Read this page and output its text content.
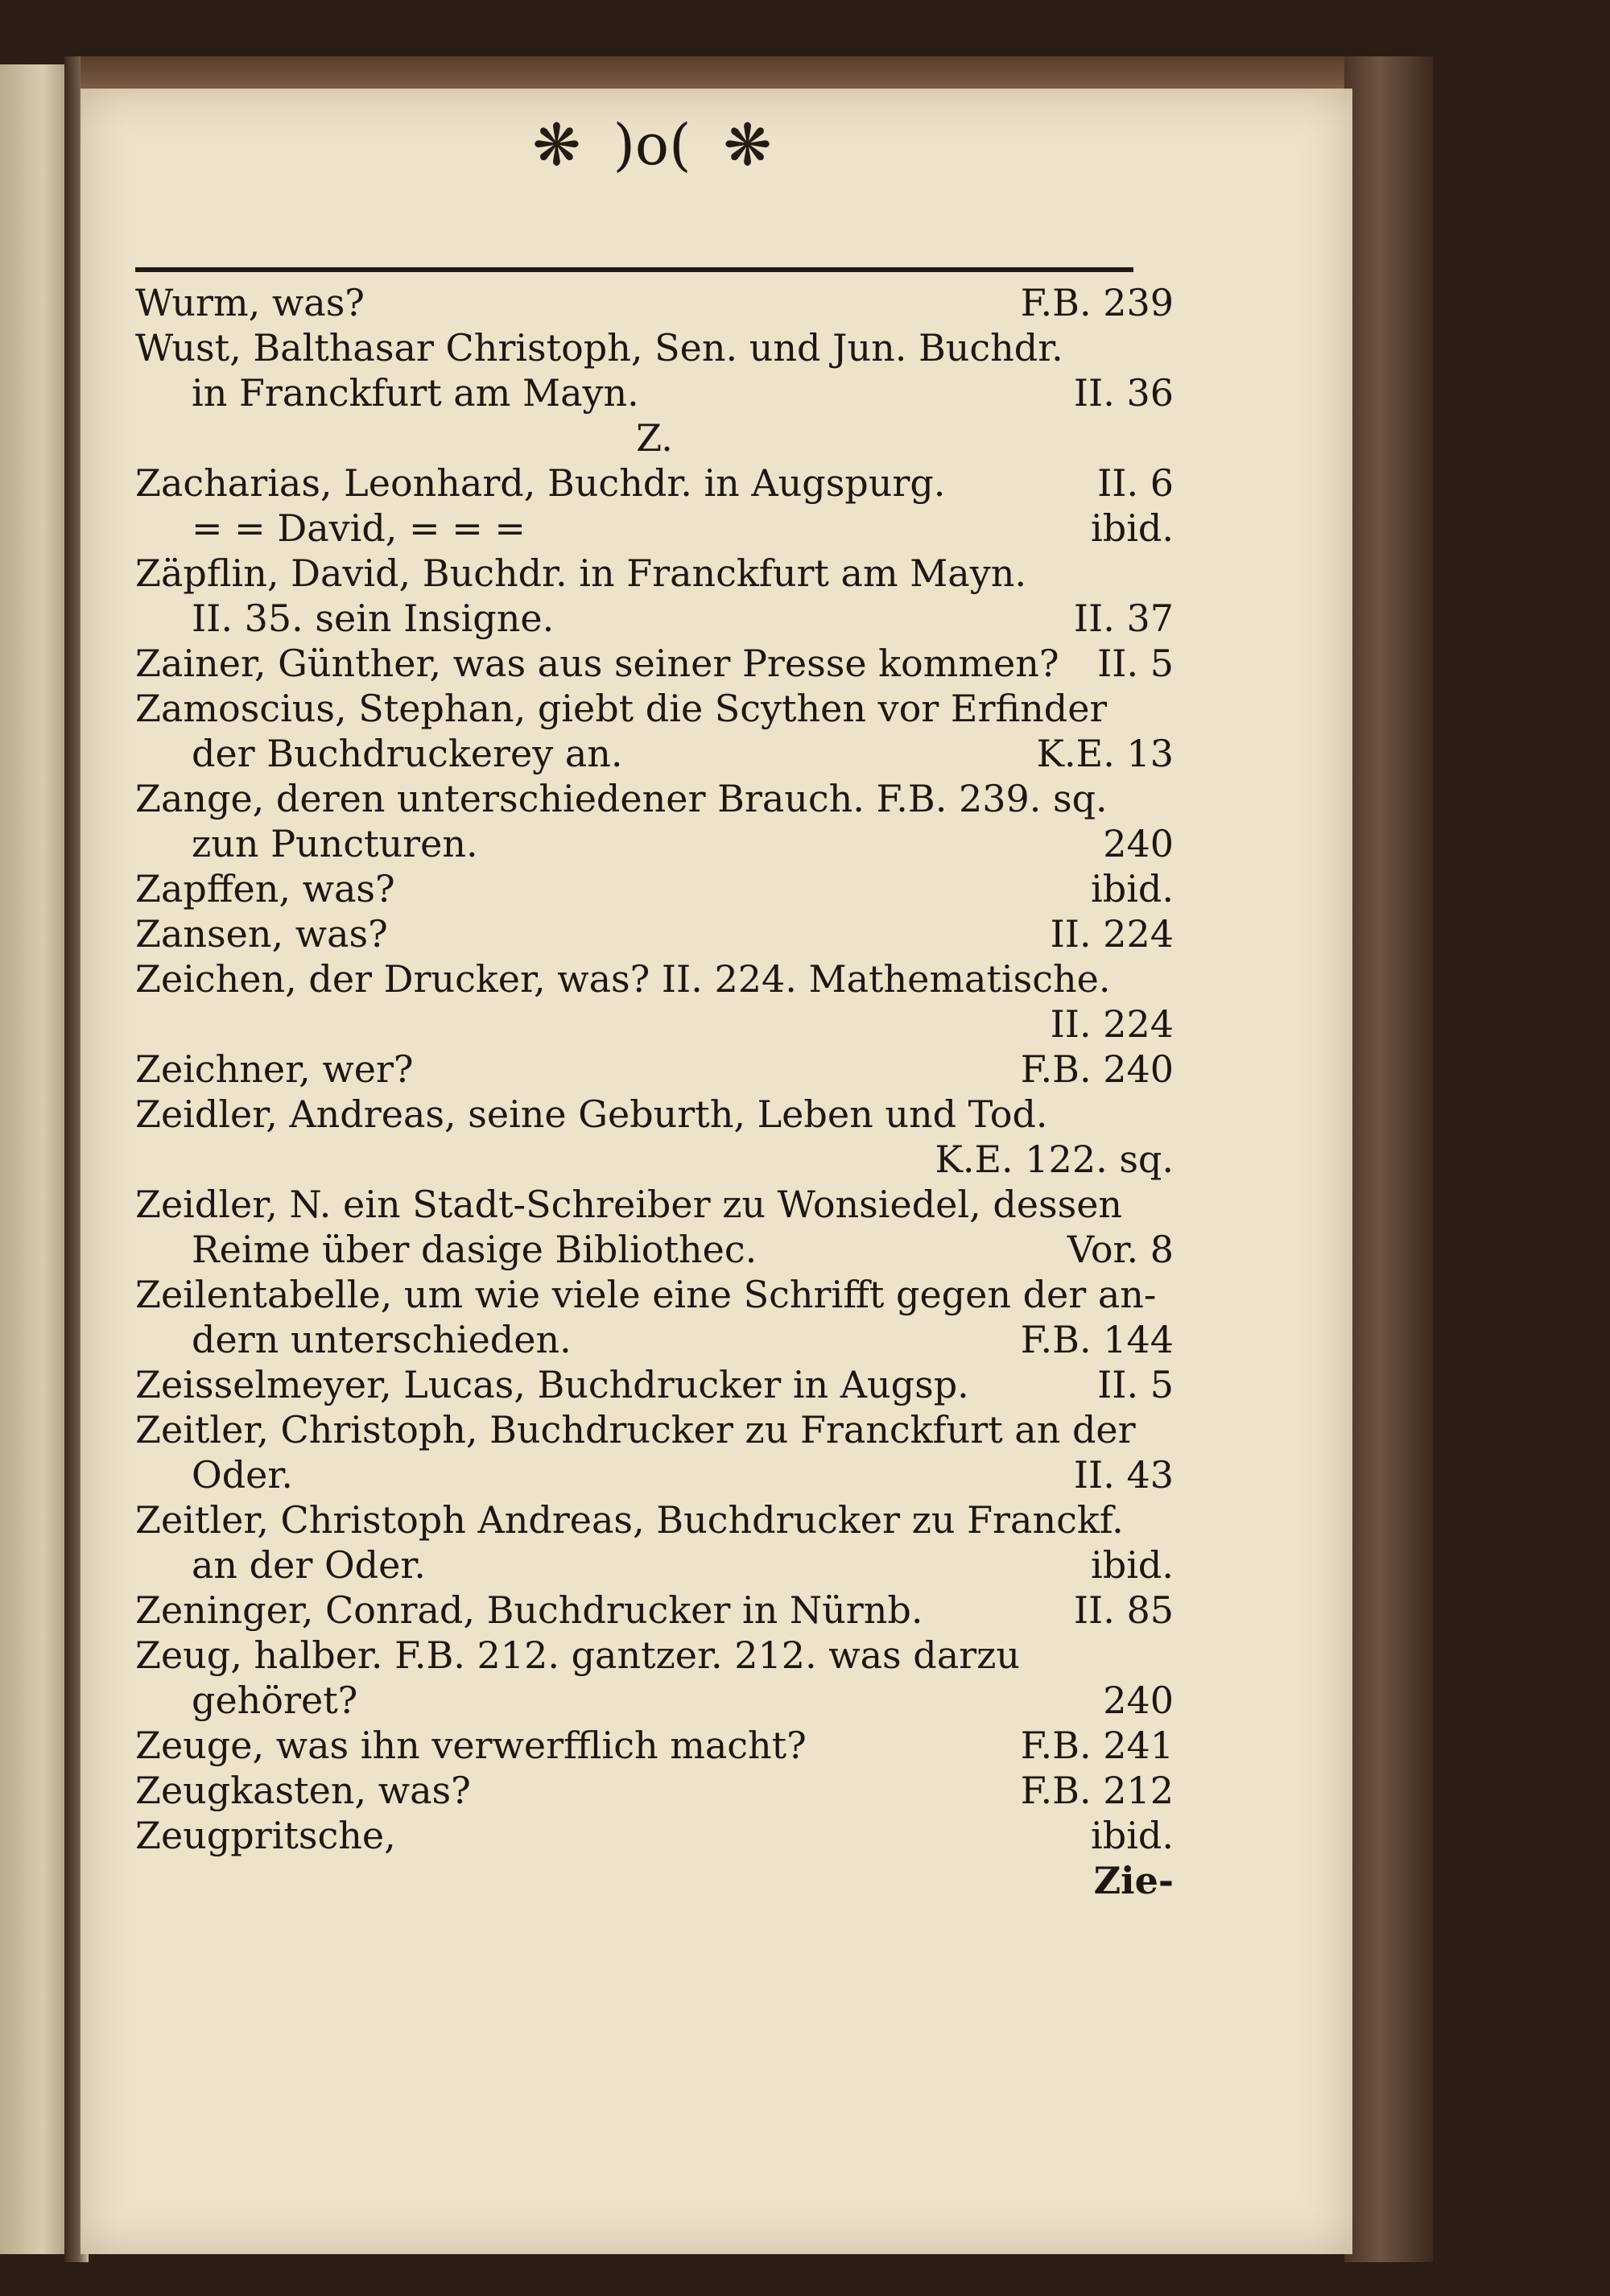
❋ )o( ❋
Wurm, was?	F.B. 239
Wust, Balthasar Christoph, Sen. und Jun. Buchdr.
in Franckfurt am Mayn.	II. 36
Z.
Zacharias, Leonhard, Buchdr. in Augspurg.	II. 6
= = David, = = =	ibid.
Zäpflin, David, Buchdr. in Franckfurt am Mayn.
II. 35. sein Insigne.	II. 37
Zainer, Günther, was aus seiner Presse kommen?	II. 5
Zamoscius, Stephan, giebt die Scythen vor Erfinder
der Buchdruckerey an.	K.E. 13
Zange, deren unterschiedener Brauch. F.B. 239. sq.
zun Puncturen.	240
Zapffen, was?	ibid.
Zansen, was?	II. 224
Zeichen, der Drucker, was? II. 224. Mathematische.
II. 224
Zeichner, wer?	F.B. 240
Zeidler, Andreas, seine Geburth, Leben und Tod.
K.E. 122. sq.
Zeidler, N. ein Stadt-Schreiber zu Wonsiedel, dessen
Reime über dasige Bibliothec.	Vor. 8
Zeilentabelle, um wie viele eine Schrifft gegen der an-
dern unterschieden.	F.B. 144
Zeisselmeyer, Lucas, Buchdrucker in Augsp.	II. 5
Zeitler, Christoph, Buchdrucker zu Franckfurt an der
Oder.	II. 43
Zeitler, Christoph Andreas, Buchdrucker zu Franckf.
an der Oder.	ibid.
Zeninger, Conrad, Buchdrucker in Nürnb.	II. 85
Zeug, halber. F.B. 212. gantzer. 212. was darzu
gehöret?	240
Zeuge, was ihn verwerfflich macht?	F.B. 241
Zeugkasten, was?	F.B. 212
Zeugpritsche,	ibid.
Zie-
